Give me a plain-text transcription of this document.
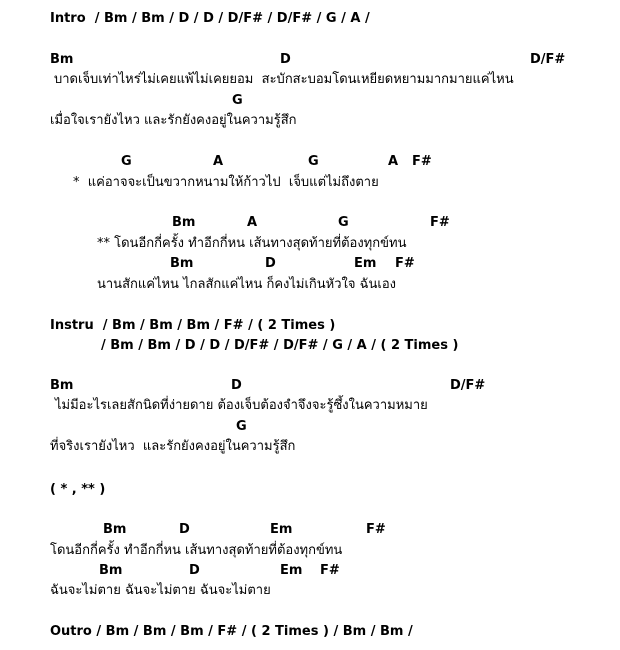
Intro  / Bm / Bm / D / D / D/F# / D/F# / G / A /
Bm	D	D/F#
บาดเจ็บเท่าไหร่ไม่เคยแพ้ไม่เคยยอม  สะบักสะบอมโดนเหยียดหยามมากมายแค่ไหน
G
เมื่อใจเรายังไหว และรักยังคงอยู่ในความรู้สึก
G	A	G	A F#
*  แค่อาจจะเป็นขวากหนามให้ก้าวไป  เจ็บแต่ไม่ถึงตาย
Bm	A	G	F#
** โดนอีกกี่ครั้ง ทำอีกกี่หน เส้นทางสุดท้ายที่ต้องทุกข์ทน
Bm	D	Em F#
นานสักแค่ไหน ไกลสักแค่ไหน ก็คงไม่เกินหัวใจ ฉันเอง
Instru  / Bm / Bm / Bm / F# / ( 2 Times )
/ Bm / Bm / D / D / D/F# / D/F# / G / A / ( 2 Times )
Bm	D	D/F#
ไม่มีอะไรเลยสักนิดที่ง่ายดาย ต้องเจ็บต้องจำจึงจะรู้ซึ้งในความหมาย
G
ที่จริงเรายังไหว  และรักยังคงอยู่ในความรู้สึก
( * , ** )
Bm	D	Em	F#
โดนอีกกี่ครั้ง ทำอีกกี่หน เส้นทางสุดท้ายที่ต้องทุกข์ทน
Bm	D	Em F#
ฉันจะไม่ตาย ฉันจะไม่ตาย ฉันจะไม่ตาย
Outro / Bm / Bm / Bm / F# / ( 2 Times ) / Bm / Bm /
